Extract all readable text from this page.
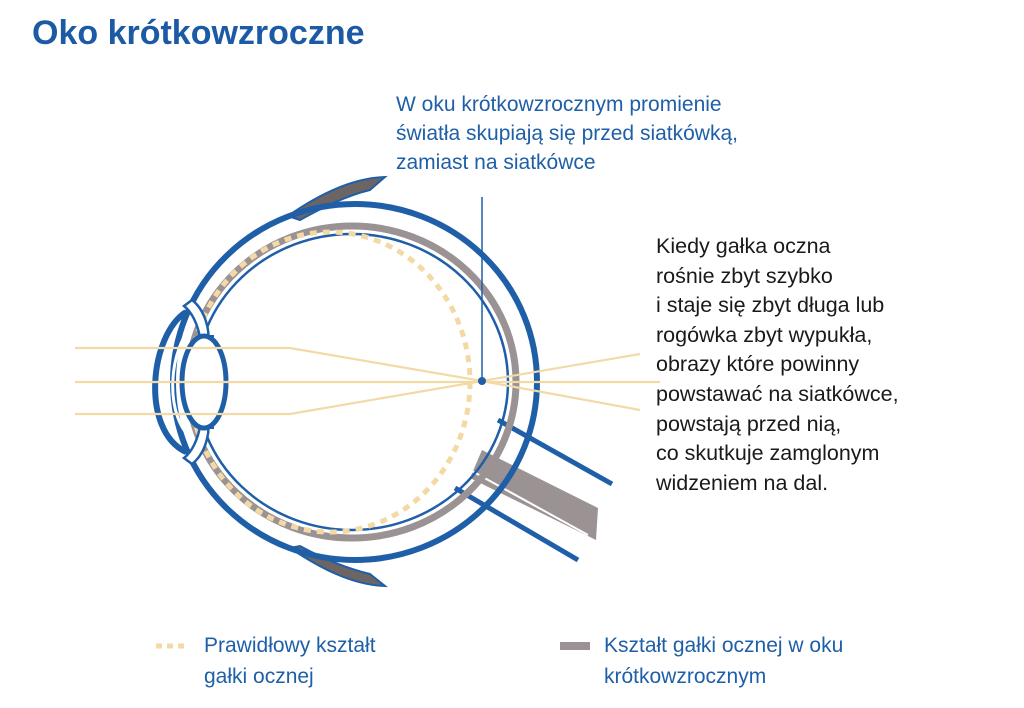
Oko krótkowzroczne
W oku krótkowzrocznym promienie
światła skupiają się przed siatkówką,
zamiast na siatkówce
Kiedy gałka oczna
rośnie zbyt szybko
i staje się zbyt długa lub
rogówka zbyt wypukła,
obrazy które powinny
powstawać na siatkówce,
powstają przed nią,
co skutkuje zamglonym
widzeniem na dal.
Prawidłowy kształt
gałki ocznej
Kształt gałki ocznej w oku
krótkowzrocznym
